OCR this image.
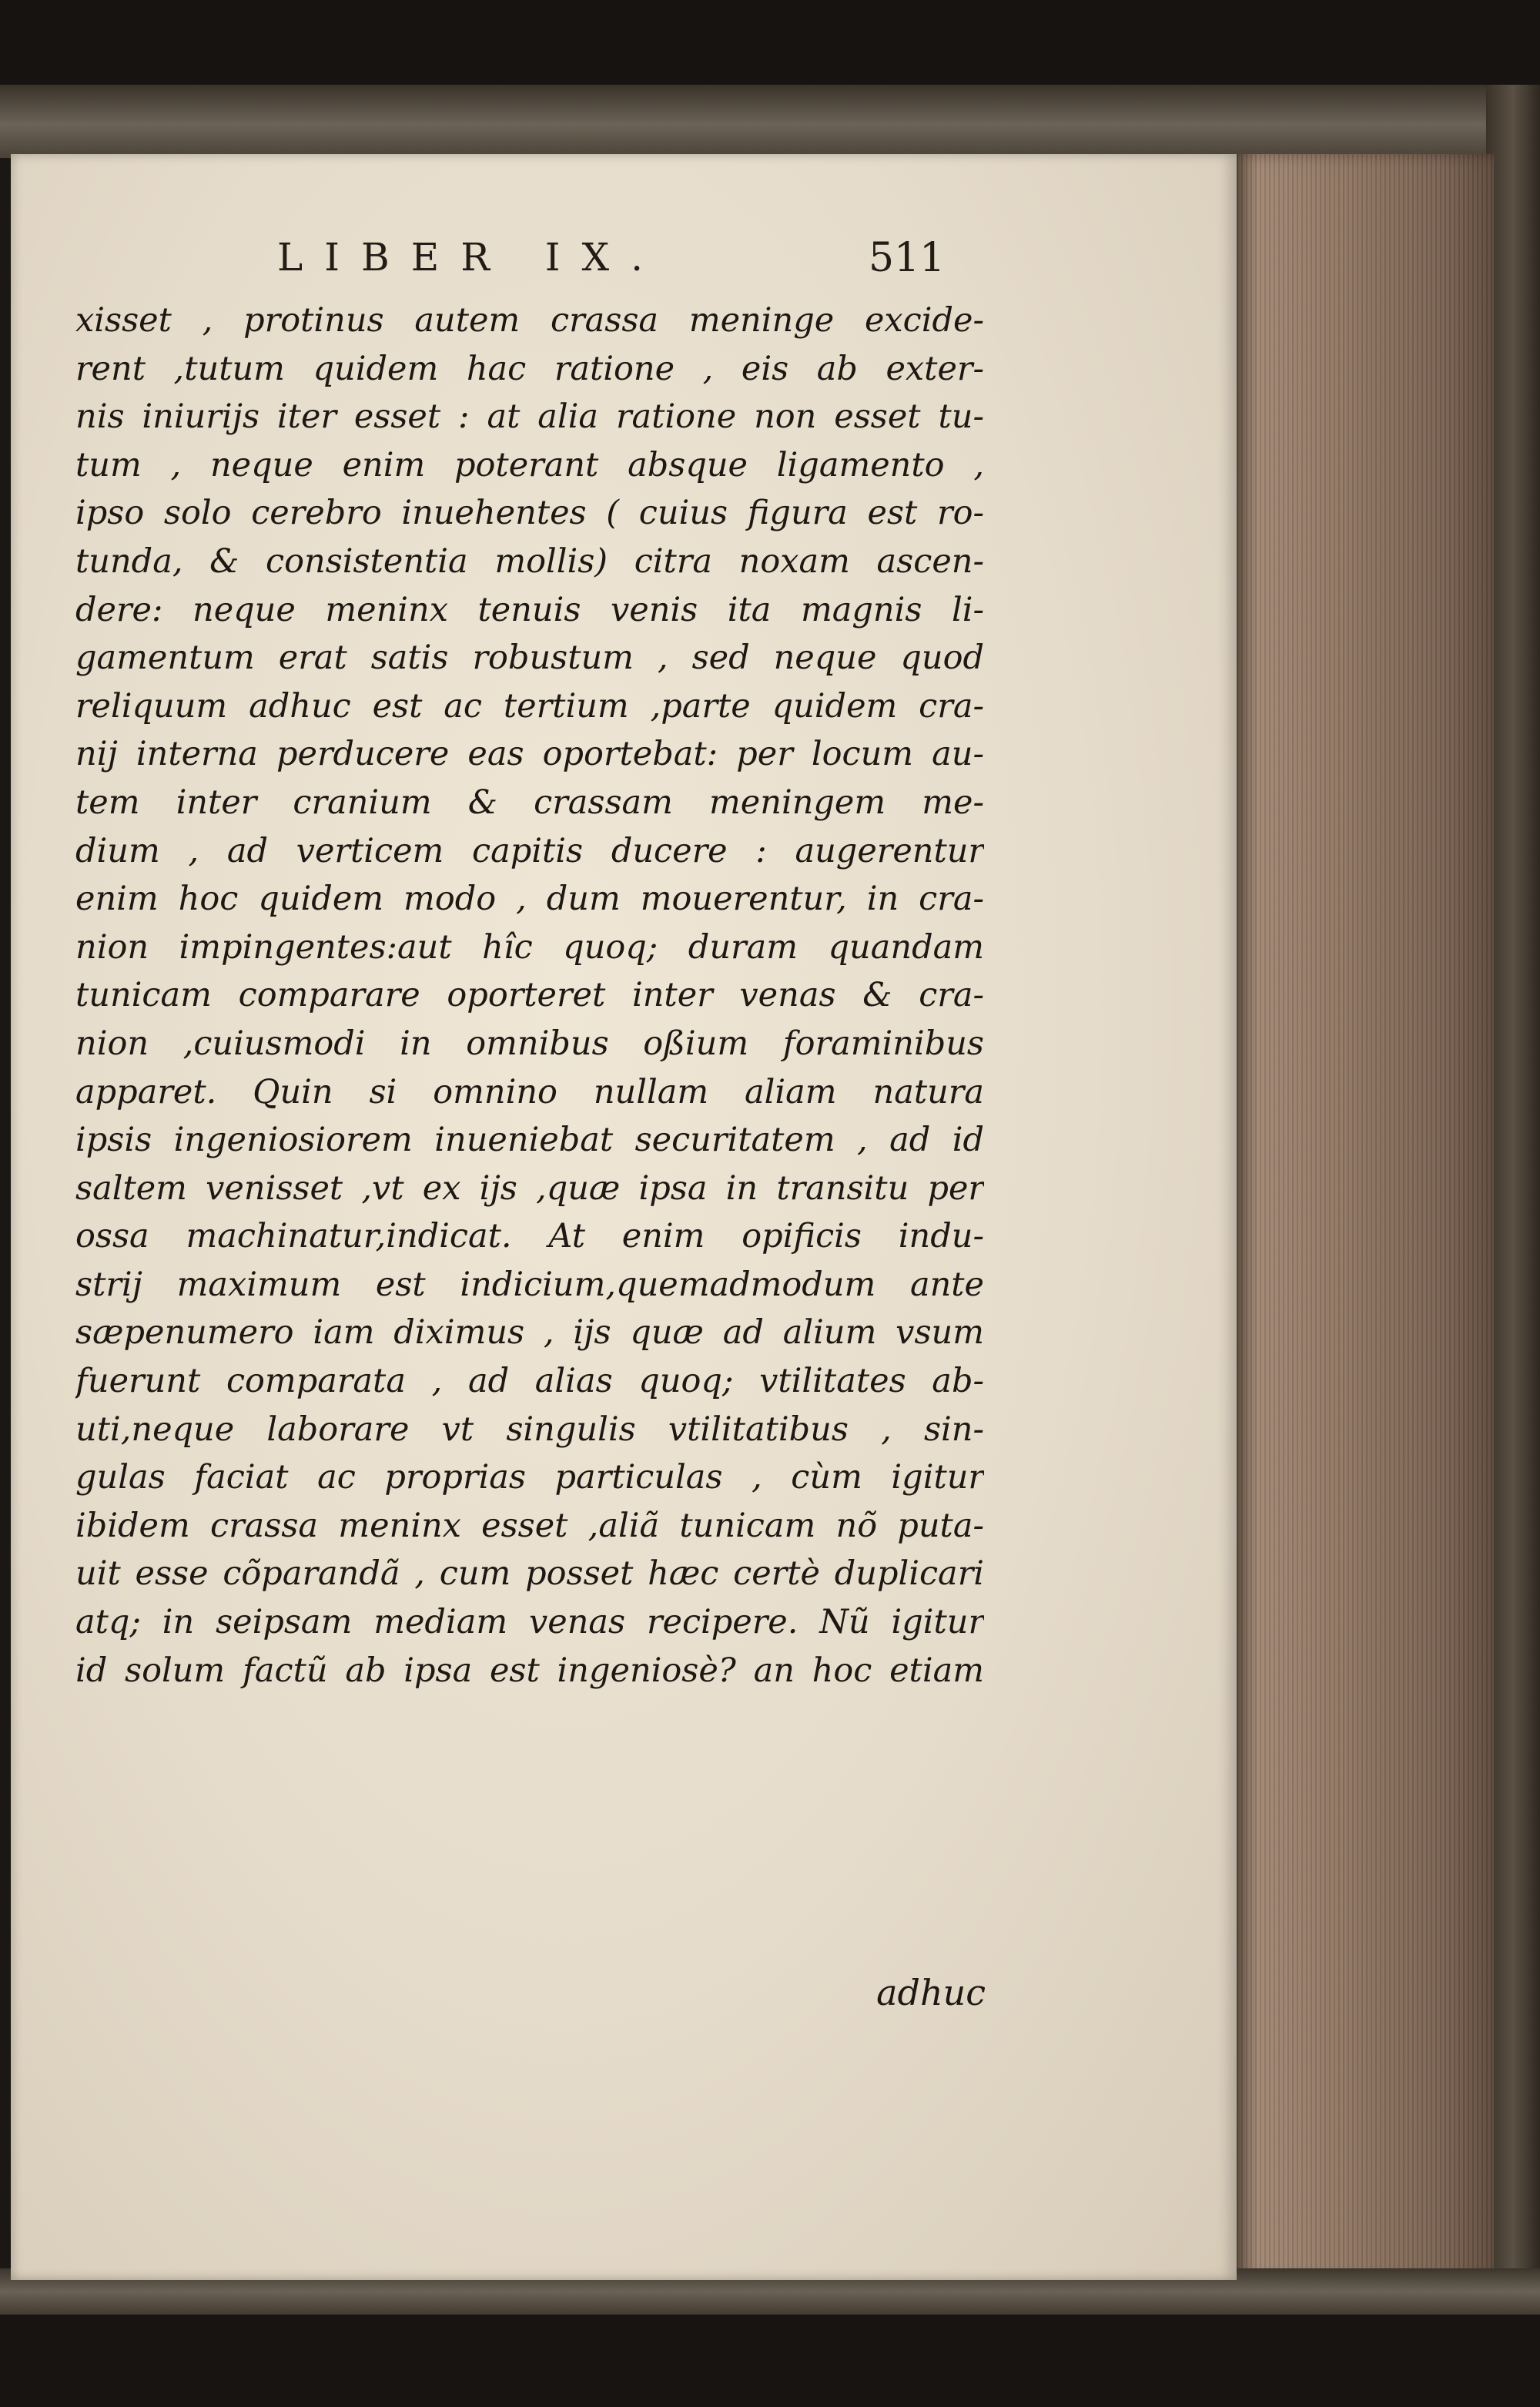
LIBER IX.	511
xisset , protinus autem crassa meninge excide-
rent ,tutum quidem hac ratione , eis ab exter-
nis iniurijs iter esset : at alia ratione non esset tu-
tum , neque enim poterant absque ligamento ,
ipso solo cerebro inuehentes ( cuius figura est ro-
tunda, & consistentia mollis) citra noxam ascen-
dere: neque meninx tenuis venis ita magnis li-
gamentum erat satis robustum , sed neque quod
reliquum adhuc est ac tertium ,parte quidem cra-
nij interna perducere eas oportebat: per locum au-
tem inter cranium & crassam meningem me-
dium , ad verticem capitis ducere : augerentur
enim hoc quidem modo , dum mouerentur, in cra-
nion impingentes:aut hîc quoq; duram quandam
tunicam comparare oporteret inter venas & cra-
nion ,cuiusmodi in omnibus oßium foraminibus
apparet. Quin si omnino nullam aliam natura
ipsis ingeniosiorem inueniebat securitatem , ad id
saltem venisset ,vt ex ijs ,quæ ipsa in transitu per
ossa machinatur,indicat. At enim opificis indu-
strij maximum est indicium,quemadmodum ante
sæpenumero iam diximus , ijs quæ ad alium vsum
fuerunt comparata , ad alias quoq; vtilitates ab-
uti,neque laborare vt singulis vtilitatibus , sin-
gulas faciat ac proprias particulas , cùm igitur
ibidem crassa meninx esset ,aliã tunicam nõ puta-
uit esse cõparandã , cum posset hæc certè duplicari
atq; in seipsam mediam venas recipere. Nũ igitur
id solum factũ ab ipsa est ingeniosè? an hoc etiam
adhuc
